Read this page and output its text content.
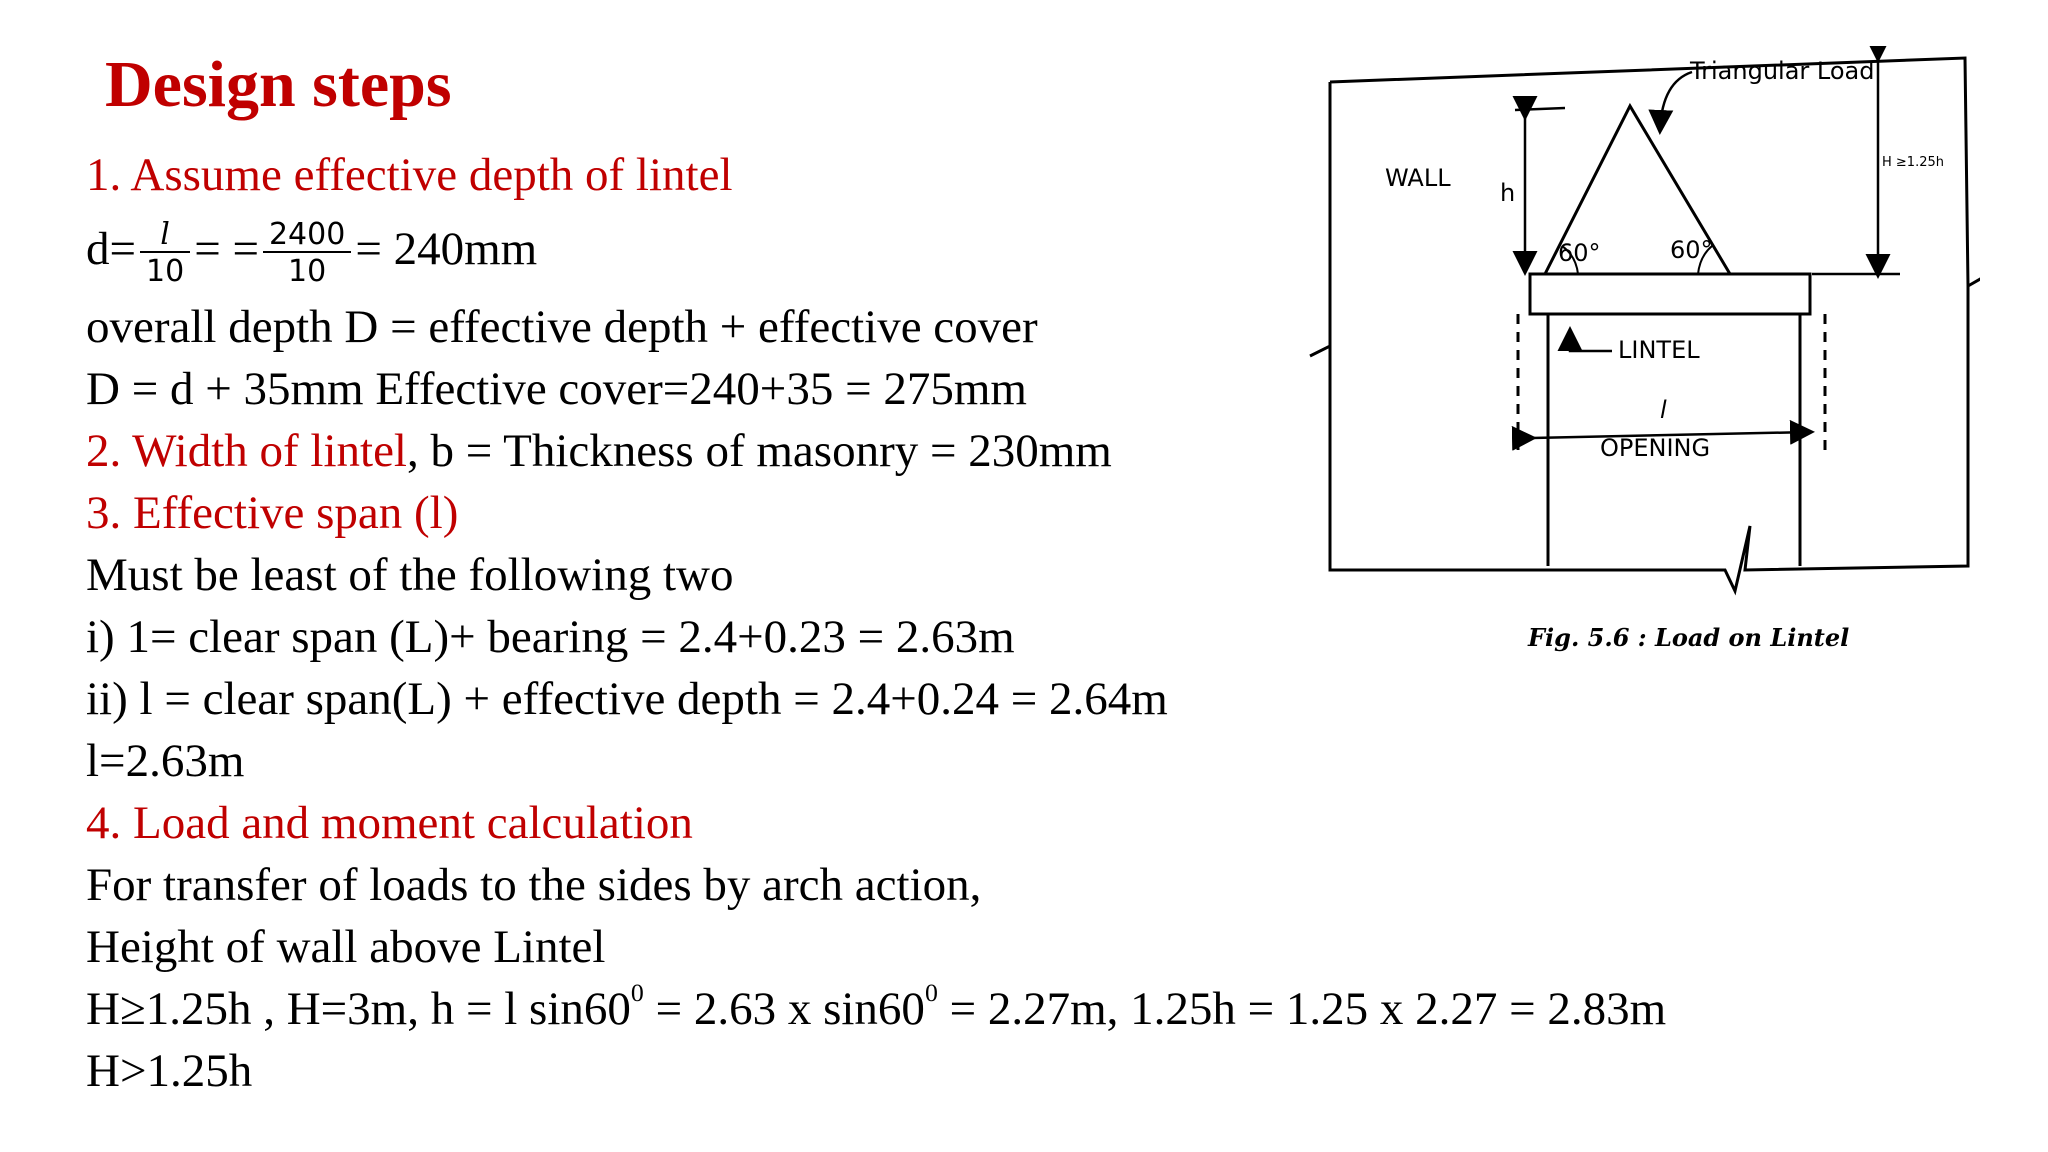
Design steps
1. Assume effective depth of lintel
$d= \frac{l}{10}$ = = $\frac{2400}{10} = 240mm$
overall depth D = effective depth + effective cover
D = d + 35mm Effective cover=240+35 = 275mm
2. Width of lintel, b = Thickness of masonry = 230mm
3. Effective span (l)
Must be least of the following two
i) 1= clear span (L)+ bearing = 2.4+0.23 = 2.63m
ii) l = clear span(L) + effective depth = 2.4+0.24 = 2.64m
l=2.63m
4. Load and moment calculation
For transfer of loads to the sides by arch action,
Height of wall above Lintel
H≥1.25h , H=3m, h = l $\sin 60^0 = 2.63$ x $\sin 60^0 = 2.27m$, 1.25h = 1.25 x 2.27 = 2.83m
H>1.25h
Triangular Load
WALL
h
60°	60°
LINTEL
l
OPENING
H ≥1.25h
Fig. 5.6 : Load on Lintel
